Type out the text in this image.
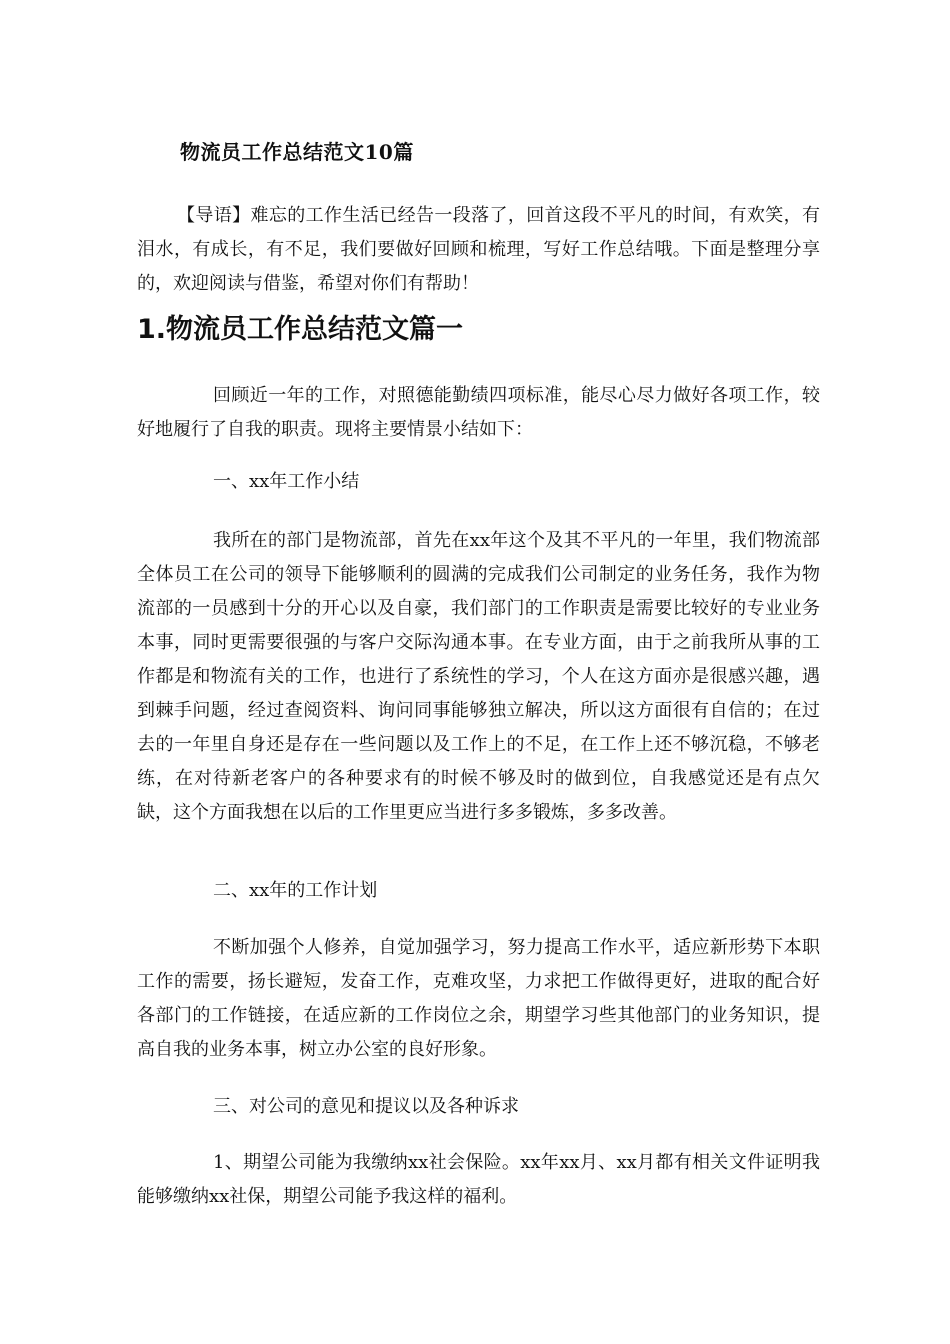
物流员工作总结范文10篇

【导语】难忘的工作生活已经告一段落了，回首这段不平凡的时间，有欢笑，有泪水，有成长，有不足，我们要做好回顾和梳理，写好工作总结哦。下面是整理分享的，欢迎阅读与借鉴，希望对你们有帮助！

1.物流员工作总结范文篇一

回顾近一年的工作，对照德能勤绩四项标准，能尽心尽力做好各项工作，较好地履行了自我的职责。现将主要情景小结如下：

一、xx年工作小结

我所在的部门是物流部，首先在xx年这个及其不平凡的一年里，我们物流部全体员工在公司的领导下能够顺利的圆满的完成我们公司制定的业务任务，我作为物流部的一员感到十分的开心以及自豪，我们部门的工作职责是需要比较好的专业业务本事，同时更需要很强的与客户交际沟通本事。在专业方面，由于之前我所从事的工作都是和物流有关的工作，也进行了系统性的学习，个人在这方面亦是很感兴趣，遇到棘手问题，经过查阅资料、询问同事能够独立解决，所以这方面很有自信的；在过去的一年里自身还是存在一些问题以及工作上的不足，在工作上还不够沉稳，不够老练，在对待新老客户的各种要求有的时候不够及时的做到位，自我感觉还是有点欠缺，这个方面我想在以后的工作里更应当进行多多锻炼，多多改善。

二、xx年的工作计划

不断加强个人修养，自觉加强学习，努力提高工作水平，适应新形势下本职工作的需要，扬长避短，发奋工作，克难攻坚，力求把工作做得更好，进取的配合好各部门的工作链接，在适应新的工作岗位之余，期望学习些其他部门的业务知识，提高自我的业务本事，树立办公室的良好形象。

三、对公司的意见和提议以及各种诉求

1、期望公司能为我缴纳xx社会保险。xx年xx月、xx月都有相关文件证明我能够缴纳xx社保，期望公司能予我这样的福利。
